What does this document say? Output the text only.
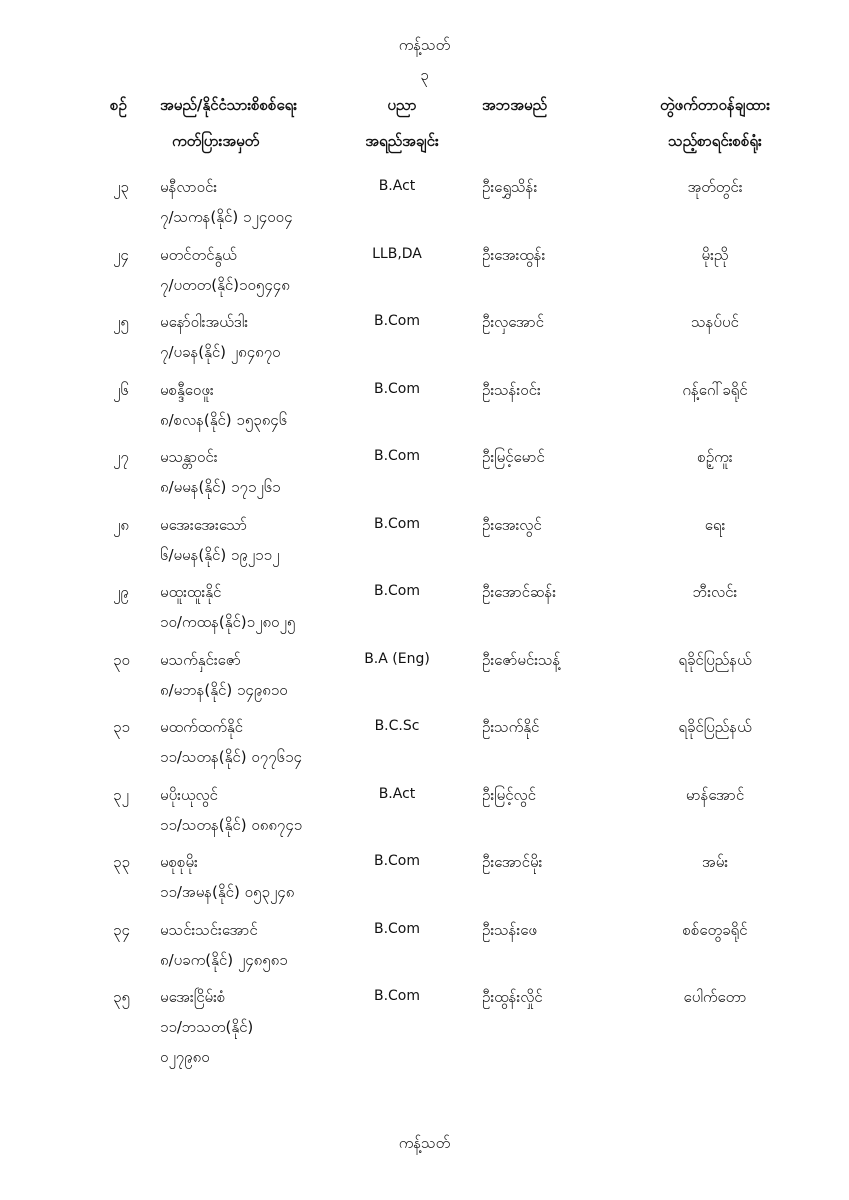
ကန့်သတ်
၃
စဉ်	အမည်/နိုင်ငံသားစိစစ်ရေး
ကတ်ပြားအမှတ်
ပညာ
အရည်အချင်း
အဘအမည်	တွဲဖက်တာဝန်ချထား
သည့်စာရင်းစစ်ရုံး
၂၃ မနီလာဝင်း
၇/သကန(နိုင်) ၁၂၄၀၀၄
B.Act	ဦးရွှေသိန်း	အုတ်တွင်း
၂၄ မတင်တင်နွယ်
၇/ပတတ(နိုင်)၁၀၅၄၄၈
LLB,DA	ဦးအေးထွန်း	မိုးညို
၂၅ မနော်ဝါးအယ်ဒါး
၇/ပခန(နိုင်) ၂၈၄၈၇၀
B.Com	ဦးလှအောင်	သနပ်ပင်
၂၆ မစန္ဒီဝေဖူး
၈/စလန(နိုင်) ၁၅၃၈၄၆
B.Com	ဦးသန်းဝင်း	ဂန့်ဂေါ်ခရိုင်
၂၇ မသန္တာဝင်း
၈/မမန(နိုင်) ၁၇၁၂၆၁
B.Com	ဦးမြင့်မောင်	စဉ့်ကူး
၂၈ မအေးအေးသော်
၆/မမန(နိုင်) ၁၉၂၁၁၂
B.Com	ဦးအေးလွင်	ရေး
၂၉ မထူးထူးနိုင်
၁၀/ကထန(နိုင်)၁၂၈၀၂၅
B.Com	ဦးအောင်ဆန်း	ဘီးလင်း
၃၀ မသက်နှင်းဇော်
၈/မဘန(နိုင်) ၁၄၉၈၁၀
B.A (Eng)	ဦးဇော်မင်းသန့်	ရခိုင်ပြည်နယ်
၃၁ မထက်ထက်နိုင်
၁၁/သတန(နိုင်) ၀၇၇၆၁၄
B.C.Sc	ဦးသက်နိုင်	ရခိုင်ပြည်နယ်
၃၂ မပိုးယုလွင်
၁၁/သတန(နိုင်) ၀၈၈၇၄၁
B.Act	ဦးမြင့်လွင်	မာန်အောင်
၃၃ မစုစုမိုး
၁၁/အမန(နိုင်) ၀၅၃၂၄၈
B.Com	ဦးအောင်မိုး	အမ်း
၃၄ မသင်းသင်းအောင်
၈/ပခက(နိုင်) ၂၄၈၅၈၁
B.Com	ဦးသန်းဖေ	စစ်တွေခရိုင်
၃၅ မအေးငြိမ်းစံ
၁၁/ဘသတ(နိုင်)
၀၂၇၉၈၀
B.Com	ဦးထွန်းလှိုင်	ပေါက်တော
ကန့်သတ်
